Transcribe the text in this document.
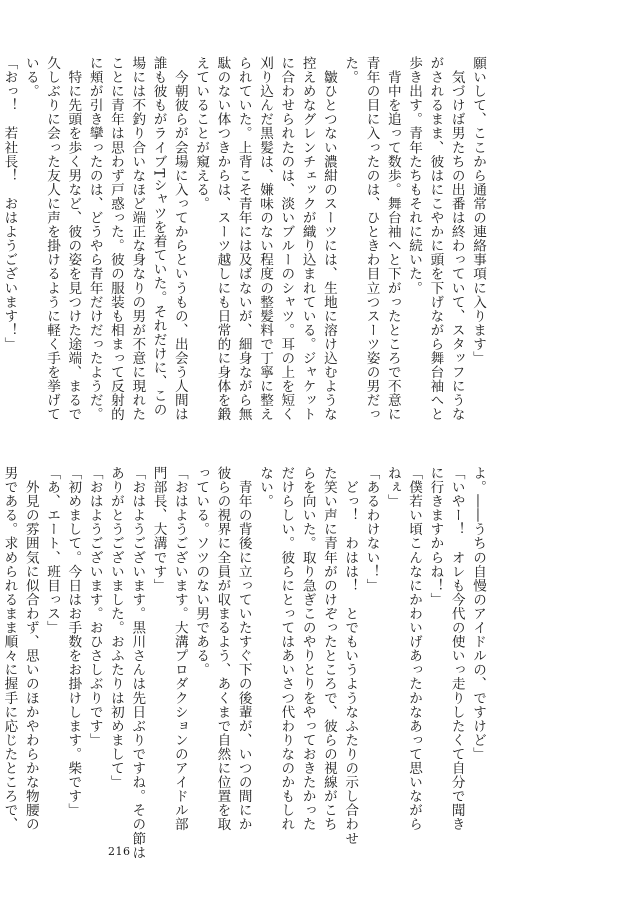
願いして、ここから通常の連絡事項に入ります」
　気づけば男たちの出番は終わっていて、スタッフにうな
がされるまま、彼はにこやかに頭を下げながら舞台袖へと
歩き出す。青年たちもそれに続いた。
　背中を追って数歩。舞台袖へと下がったところで不意に
青年の目に入ったのは、ひときわ目立つスーツ姿の男だっ
た。
　皺ひとつない濃紺のスーツには、生地に溶け込むような
控えめなグレンチェックが織り込まれている。ジャケット
に合わせられたのは、淡いブルーのシャツ。耳の上を短く
刈り込んだ黒髪は、嫌味のない程度の整髪料で丁寧に整え
られていた。上背こそ青年には及ばないが、細身ながら無
駄のない体つきからは、スーツ越しにも日常的に身体を鍛
えていることが窺える。
　今朝彼らが会場に入ってからというもの、出会う人間は
誰も彼もがライブTシャツを着ていた。それだけに、この
場には不釣り合いなほど端正な身なりの男が不意に現れた
ことに青年は思わず戸惑った。彼の服装も相まって反射的
に頬が引き攣ったのは、どうやら青年だけだったようだ。
　特に先頭を歩く男など、彼の姿を見つけた途端、まるで
久しぶりに会った友人に声を掛けるように軽く手を挙げて
いる。
「おっ！　若社長！　おはようございます！」
よ。――うちの自慢のアイドルの、ですけど」
「いやー！　オレも今代の使いっ走りしたくて自分で聞き
に行きますからね！」
「僕若い頃こんなにかわいげあったかなあって思いながら
ねぇ」
「あるわけない！」
　どっ！　わはは！　とでもいうようなふたりの示し合わせ
た笑い声に青年がのけぞったところで、彼らの視線がこち
らを向いた。取り急ぎこのやりとりをやっておきたかった
だけらしい。彼らにとってはあいさつ代わりなのかもしれ
ない。
　青年の背後に立っていたすぐ下の後輩が、いつの間にか
彼らの視界に全員が収まるよう、あくまで自然に位置を取
っている。ソツのない男である。
「おはようございます。大溝プロダクションのアイドル部
門部長、大溝です」
「おはようございます。黒川さんは先日ぶりですね。その節は
ありがとうございました。おふたりは初めまして」
「おはようございます。おひさしぶりです」
「初めまして。今日はお手数をお掛けします。柴です」
「あ、エート、班目っス」
　外見の雰囲気に似合わず、思いのほかやわらかな物腰の
男である。求められるまま順々に握手に応じたところで、
216
